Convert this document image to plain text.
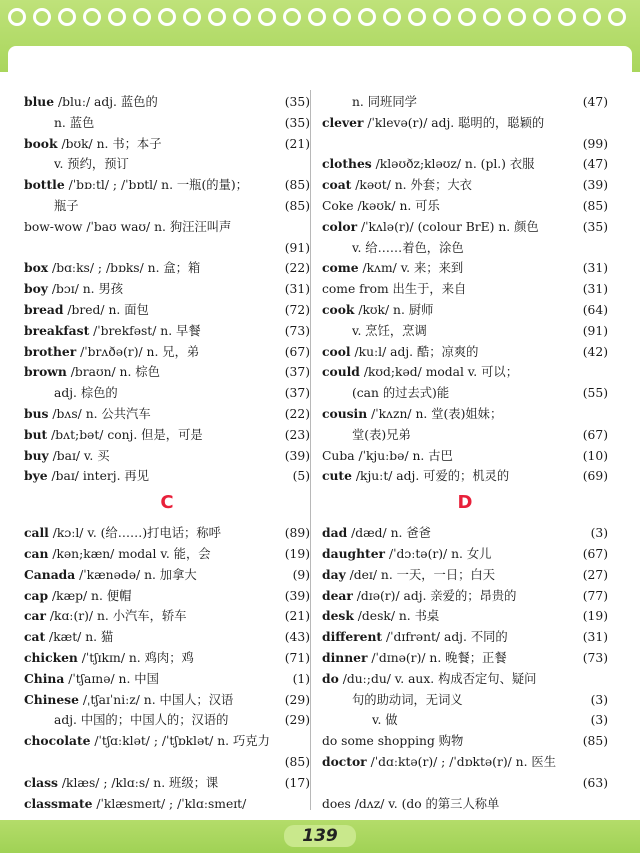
blue /bluː/ adj. 蓝色的	(35)
n. 蓝色	(35)
book /bʊk/ n. 书；本子	(21)
v. 预约，预订
bottle /ˈbɒːtl/ ; /ˈbɒtl/ n. 一瓶(的量)；	(85)
瓶子	(85)
bow-wow /ˈbaʊ waʊ/ n. 狗汪汪叫声
(91)
box /bɑːks/ ; /bɒks/ n. 盒；箱	(22)
boy /bɔɪ/ n. 男孩	(31)
bread /bred/ n. 面包	(72)
breakfast /ˈbrekfəst/ n. 早餐	(73)
brother /ˈbrʌðə(r)/ n. 兄，弟	(67)
brown /braʊn/ n. 棕色	(37)
adj. 棕色的	(37)
bus /bʌs/ n. 公共汽车	(22)
but /bʌt;bət/ conj. 但是，可是	(23)
buy /baɪ/ v. 买	(39)
bye /baɪ/ interj. 再见	(5)
C
call /kɔːl/ v. (给……)打电话；称呼	(89)
can /kən;kæn/ modal v. 能，会	(19)
Canada /ˈkænədə/ n. 加拿大	(9)
cap /kæp/ n. 便帽	(39)
car /kɑː(r)/ n. 小汽车，轿车	(21)
cat /kæt/ n. 猫	(43)
chicken /ˈtʃɪkɪn/ n. 鸡肉；鸡	(71)
China /ˈtʃaɪnə/ n. 中国	(1)
Chinese /ˌtʃaɪˈniːz/ n. 中国人；汉语	(29)
adj. 中国的；中国人的；汉语的	(29)
chocolate /ˈtʃɑːklət/ ; /ˈtʃɒklət/ n. 巧克力
(85)
class /klæs/ ; /klɑːs/ n. 班级；课	(17)
classmate /ˈklæsmeɪt/ ; /ˈklɑːsmeɪt/
n. 同班同学	(47)
clever /ˈklevə(r)/ adj. 聪明的，聪颖的
(99)
clothes /kləʊðz;kləʊz/ n. (pl.) 衣服	(47)
coat /kəʊt/ n. 外套；大衣	(39)
Coke /kəʊk/ n. 可乐	(85)
color /ˈkʌlə(r)/ (colour BrE) n. 颜色	(35)
v. 给……着色，涂色
come /kʌm/ v. 来；来到	(31)
come from 出生于，来自	(31)
cook /kʊk/ n. 厨师	(64)
v. 烹饪，烹调	(91)
cool /kuːl/ adj. 酷；凉爽的	(42)
could /kʊd;kəd/ modal v. 可以；
(can 的过去式)能	(55)
cousin /ˈkʌzn/ n. 堂(表)姐妹；
堂(表)兄弟	(67)
Cuba /ˈkjuːbə/ n. 古巴	(10)
cute /kjuːt/ adj. 可爱的；机灵的	(69)
D
dad /dæd/ n. 爸爸	(3)
daughter /ˈdɔːtə(r)/ n. 女儿	(67)
day /deɪ/ n. 一天，一日；白天	(27)
dear /dɪə(r)/ adj. 亲爱的；昂贵的	(77)
desk /desk/ n. 书桌	(19)
different /ˈdɪfrənt/ adj. 不同的	(31)
dinner /ˈdɪnə(r)/ n. 晚餐；正餐	(73)
do /duː;du/ v. aux. 构成否定句、疑问
句的助动词，无词义	(3)
v. 做	(3)
do some shopping 购物	(85)
doctor /ˈdɑːktə(r)/ ; /ˈdɒktə(r)/ n. 医生
(63)
does /dʌz/ v. (do 的第三人称单
139
